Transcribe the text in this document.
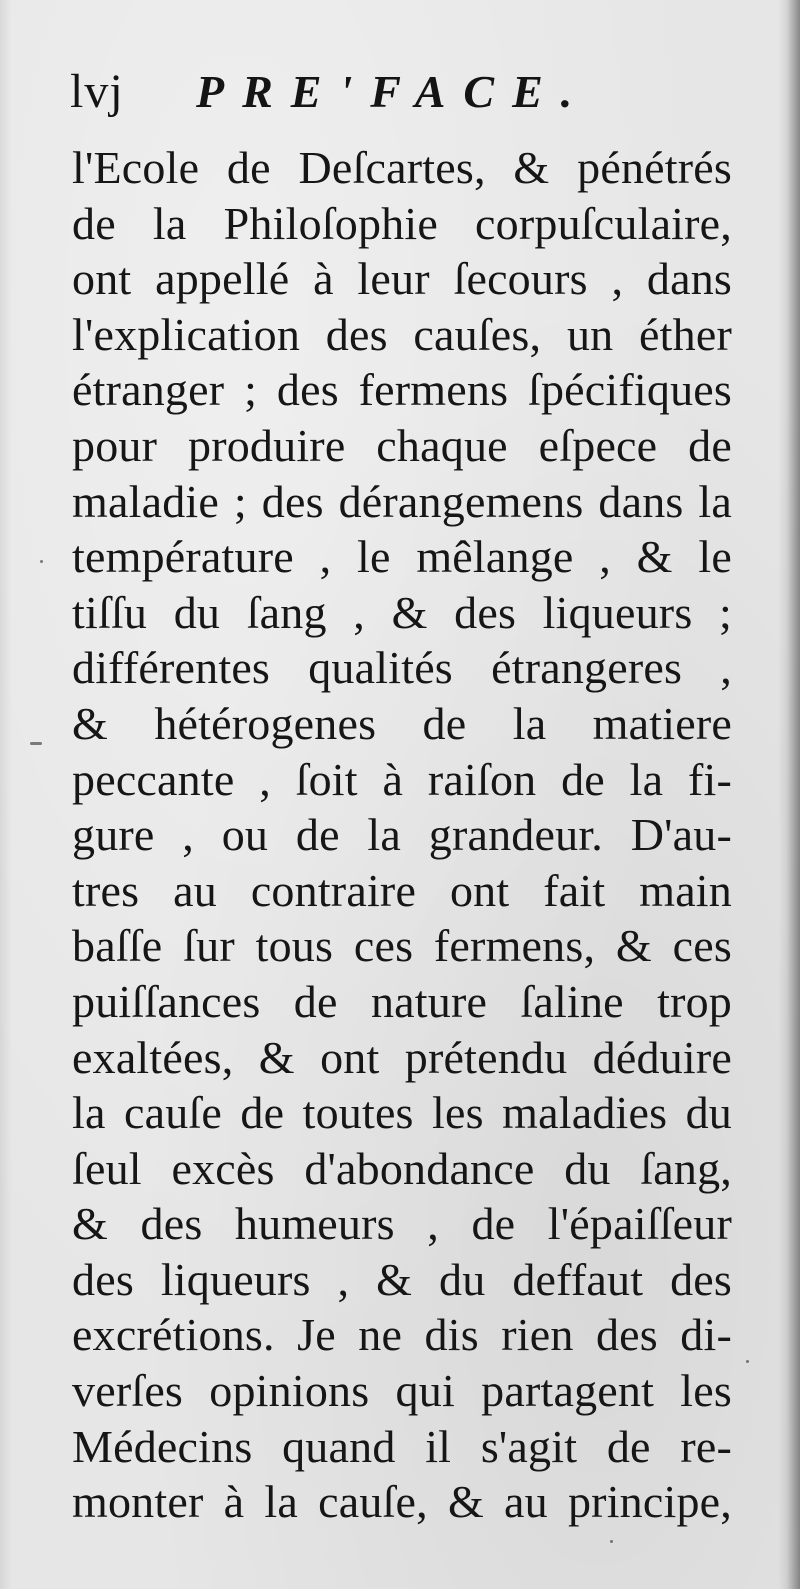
lvj PRE'FACE.
l'Ecole de Deſcartes, & pénétrés
de la Philoſophie corpuſculaire,
ont appellé à leur ſecours , dans
l'explication des cauſes, un éther
étranger ; des fermens ſpécifiques
pour produire chaque eſpece de
maladie ; des dérangemens dans la
température , le mêlange , & le
tiſſu du ſang , & des liqueurs ;
différentes qualités étrangeres ,
& hétérogenes de la matiere
peccante , ſoit à raiſon de la fi-
gure , ou de la grandeur. D'au-
tres au contraire ont fait main
baſſe ſur tous ces fermens, & ces
puiſſances de nature ſaline trop
exaltées, & ont prétendu déduire
la cauſe de toutes les maladies du
ſeul excès d'abondance du ſang,
& des humeurs , de l'épaiſſeur
des liqueurs , & du deffaut des
excrétions. Je ne dis rien des di-
verſes opinions qui partagent les
Médecins quand il s'agit de re-
monter à la cauſe, & au principe,
